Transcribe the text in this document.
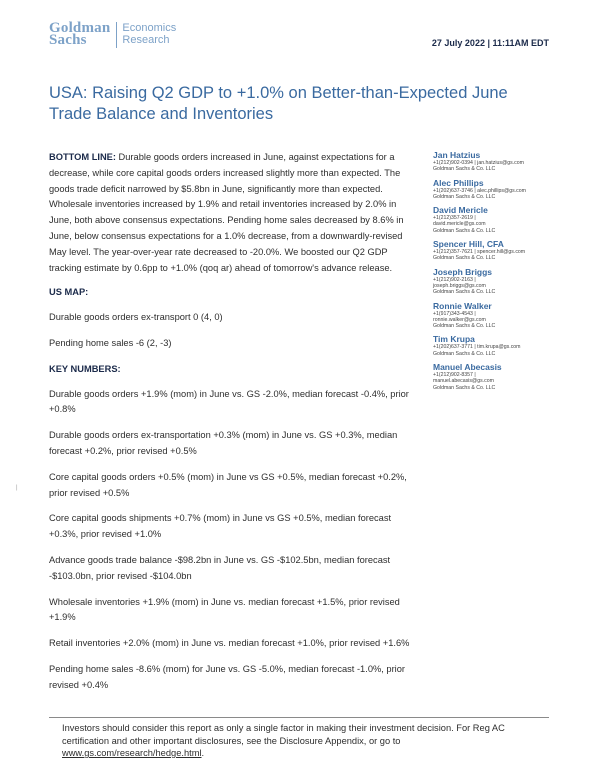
Goldman
Sachs
Economics
Research	27 July 2022 | 11:11AM EDT
USA: Raising Q2 GDP to +1.0% on Better-than-Expected June Trade Balance and Inventories

BOTTOM LINE: Durable goods orders increased in June, against expectations for a decrease, while core capital goods orders increased slightly more than expected. The goods trade deficit narrowed by $5.8bn in June, significantly more than expected. Wholesale inventories increased by 1.9% and retail inventories increased by 2.0% in June, both above consensus expectations. Pending home sales decreased by 8.6% in June, below consensus expectations for a 1.0% decrease, from a downwardly-revised May level. The year-over-year rate decreased to -20.0%. We boosted our Q2 GDP tracking estimate by 0.6pp to +1.0% (qoq ar) ahead of tomorrow's advance release.

US MAP:

Durable goods orders ex-transport 0 (4, 0)

Pending home sales -6 (2, -3)

KEY NUMBERS:

Durable goods orders +1.9% (mom) in June vs. GS -2.0%, median forecast -0.4%, prior +0.8%

Durable goods orders ex-transportation +0.3% (mom) in June vs. GS +0.3%, median forecast +0.2%, prior revised +0.5%

Core capital goods orders +0.5% (mom) in June vs GS +0.5%, median forecast +0.2%, prior revised +0.5%

Core capital goods shipments +0.7% (mom) in June vs GS +0.5%, median forecast +0.3%, prior revised +1.0%

Advance goods trade balance -$98.2bn in June vs. GS -$102.5bn, median forecast -$103.0bn, prior revised -$104.0bn

Wholesale inventories +1.9% (mom) in June vs. median forecast +1.5%, prior revised +1.9%

Retail inventories +2.0% (mom) in June vs. median forecast +1.0%, prior revised +1.6%

Pending home sales -8.6% (mom) for June vs. GS -5.0%, median forecast -1.0%, prior revised +0.4%

Jan Hatzius
+1(212)902-0394 | jan.hatzius@gs.com
Goldman Sachs & Co. LLC
Alec Phillips
+1(202)637-3746 | alec.phillips@gs.com
Goldman Sachs & Co. LLC
David Mericle
+1(212)357-2619 |
david.mericle@gs.com
Goldman Sachs & Co. LLC
Spencer Hill, CFA
+1(212)357-7621 | spencer.hill@gs.com
Goldman Sachs & Co. LLC
Joseph Briggs
+1(212)902-2163 |
joseph.briggs@gs.com
Goldman Sachs & Co. LLC
Ronnie Walker
+1(917)343-4543 |
ronnie.walker@gs.com
Goldman Sachs & Co. LLC
Tim Krupa
+1(202)637-3771 | tim.krupa@gs.com
Goldman Sachs & Co. LLC
Manuel Abecasis
+1(212)902-8357 |
manuel.abecasis@gs.com
Goldman Sachs & Co. LLC
|
Investors should consider this report as only a single factor in making their investment decision. For Reg AC certification and other important disclosures, see the Disclosure Appendix, or go to www.gs.com/research/hedge.html.
